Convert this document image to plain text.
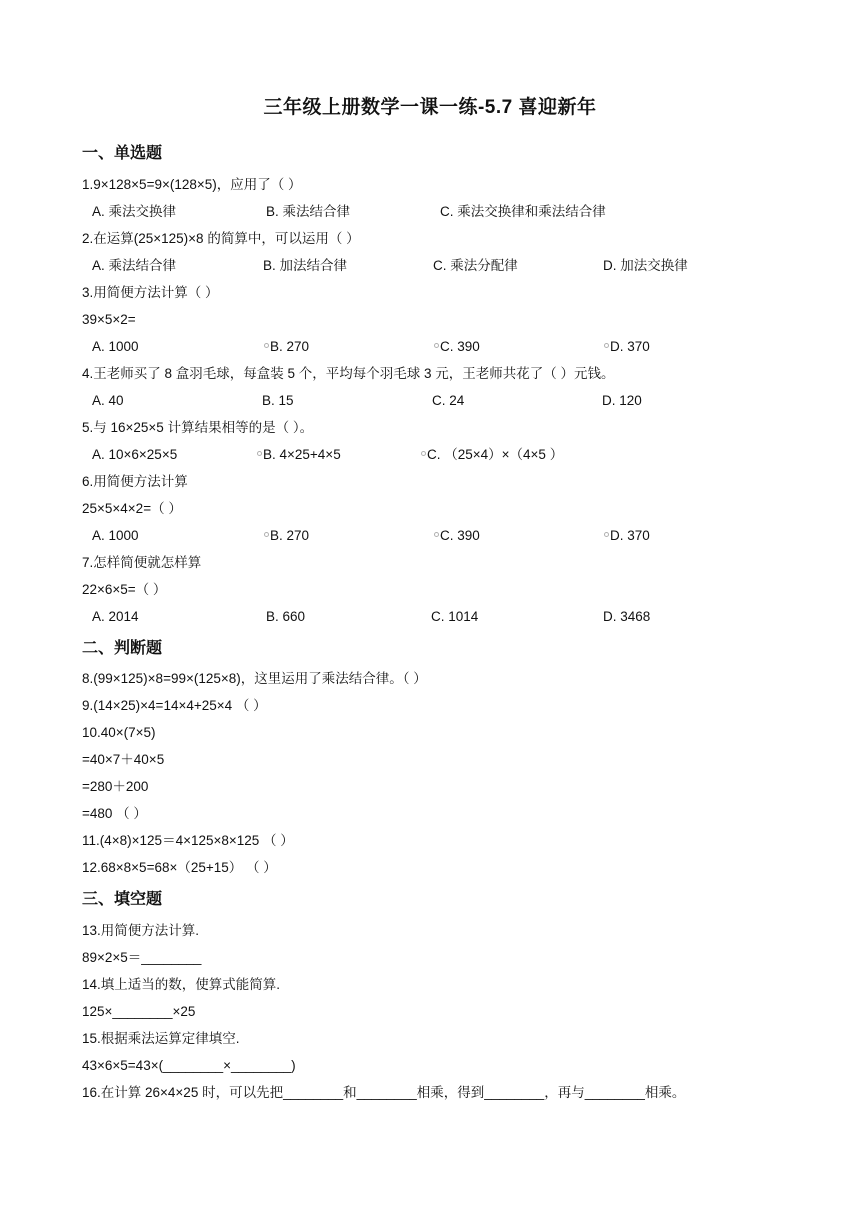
三年级上册数学一课一练-5.7 喜迎新年
一、单选题
1.9×128×5=9×(128×5)，应用了（ ）
A. 乘法交换律	B. 乘法结合律	C. 乘法交换律和乘法结合律
2.在运算(25×125)×8 的简算中，可以运用（ ）
A. 乘法结合律	B. 加法结合律	C. 乘法分配律	D. 加法交换律
3.用简便方法计算（ ）
39×5×2=
A. 1000	B. 270	C. 390	D. 370
4.王老师买了 8 盒羽毛球，每盒装 5 个，平均每个羽毛球 3 元，王老师共花了（ ）元钱。
A. 40	B. 15	C. 24	D. 120
5.与 16×25×5 计算结果相等的是（ ）。
A. 10×6×25×5	B. 4×25+4×5	C. （25×4）×（4×5 ）
6.用简便方法计算
25×5×4×2=（ ）
A. 1000	B. 270	C. 390	D. 370
7.怎样简便就怎样算
22×6×5=（ ）
A. 2014	B. 660	C. 1014	D. 3468
二、判断题
8.(99×125)×8=99×(125×8)，这里运用了乘法结合律。（ ）
9.(14×25)×4=14×4+25×4 （ ）
10.40×(7×5)
=40×7＋40×5
=280＋200
=480 （ ）
11.(4×8)×125＝4×125×8×125 （ ）
12.68×8×5=68×（25+15） （ ）
三、填空题
13.用简便方法计算.
89×2×5＝________
14.填上适当的数，使算式能简算.
125×________×25
15.根据乘法运算定律填空.
43×6×5=43×(________×________)
16.在计算 26×4×25 时，可以先把________和________相乘，得到________，再与________相乘。
